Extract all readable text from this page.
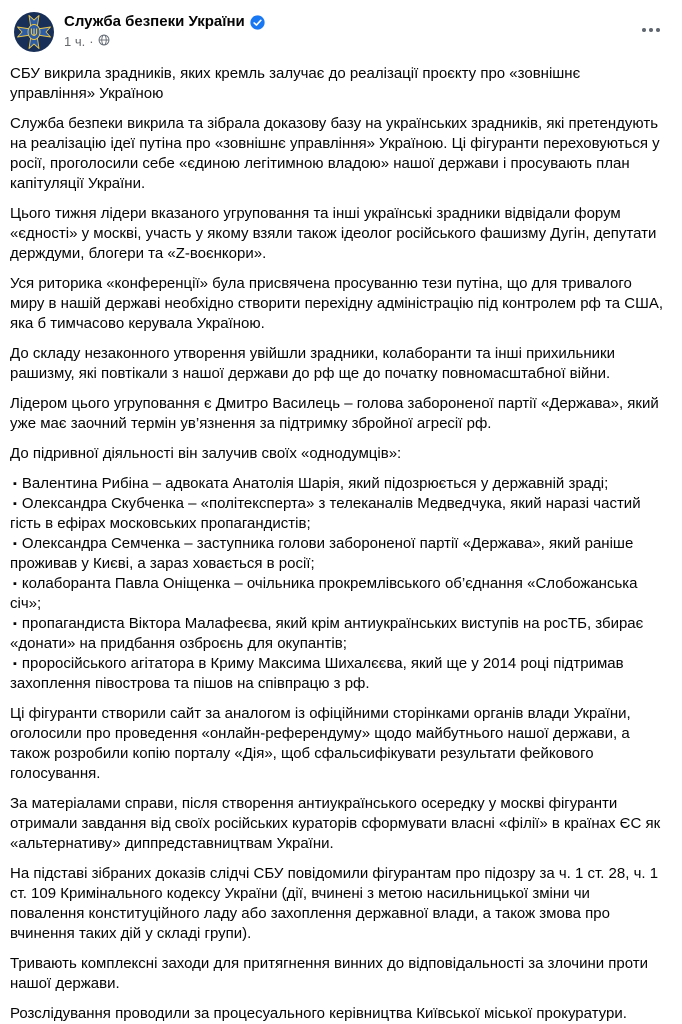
Служба безпеки України
1 ч. ·

СБУ викрила зрадників, яких кремль залучає до реалізації проєкту про «зовнішнє управління» Україною

Служба безпеки викрила та зібрала доказову базу на українських зрадників, які претендують на реалізацію ідеї путіна про «зовнішнє управління» Україною. Ці фігуранти переховуються у росії, проголосили себе «єдиною легітимною владою» нашої держави і просувають план капітуляції України.

Цього тижня лідери вказаного угруповання та інші українські зрадники відвідали форум «єдності» у москві, участь у якому взяли також ідеолог російського фашизму Дугін, депутати держдуми, блогери та «Z-воєнкори».

Уся риторика «конференції» була присвячена просуванню тези путіна, що для тривалого миру в нашій державі необхідно створити перехідну адміністрацію під контролем рф та США, яка б тимчасово керувала Україною.

До складу незаконного утворення увійшли зрадники, колаборанти та інші прихильники рашизму, які повтікали з нашої держави до рф ще до початку повномасштабної війни.

Лідером цього угруповання є Дмитро Василець – голова забороненої партії «Держава», який уже має заочний термін ув’язнення за підтримку збройної агресії рф.

До підривної діяльності він залучив своїх «однодумців»:

▪ Валентина Рибіна – адвоката Анатолія Шарія, який підозрюється у державній зраді;
▪ Олександра Скубченка – «політексперта» з телеканалів Медведчука, який наразі частий гість в ефірах московських пропагандистів;
▪ Олександра Семченка – заступника голови забороненої партії «Держава», який раніше проживав у Києві, а зараз ховається в росії;
▪ колаборанта Павла Оніщенка – очільника прокремлівського об’єднання «Слобожанська січ»;
▪ пропагандиста Віктора Малафеєва, який крім антиукраїнських виступів на росТБ, збирає «донати» на придбання озброєнь для окупантів;
▪ проросійського агітатора в Криму Максима Шихалєєва, який ще у 2014 році підтримав захоплення півострова та пішов на співпрацю з рф.

Ці фігуранти створили сайт за аналогом із офіційними сторінками органів влади України, оголосили про проведення «онлайн-референдуму» щодо майбутнього нашої держави, а також розробили копію порталу «Дія», щоб сфальсифікувати результати фейкового голосування.

За матеріалами справи, після створення антиукраїнського осередку у москві фігуранти отримали завдання від своїх російських кураторів сформувати власні «філії» в країнах ЄС як «альтернативу» диппредставництвам України.

На підставі зібраних доказів слідчі СБУ повідомили фігурантам про підозру за ч. 1 ст. 28, ч. 1 ст. 109 Кримінального кодексу України (дії, вчинені з метою насильницької зміни чи повалення конституційного ладу або захоплення державної влади, а також змова про вчинення таких дій у складі групи).

Тривають комплексні заходи для притягнення винних до відповідальності за злочини проти нашої держави.

Розслідування проводили за процесуального керівництва Київської міської прокуратури.
